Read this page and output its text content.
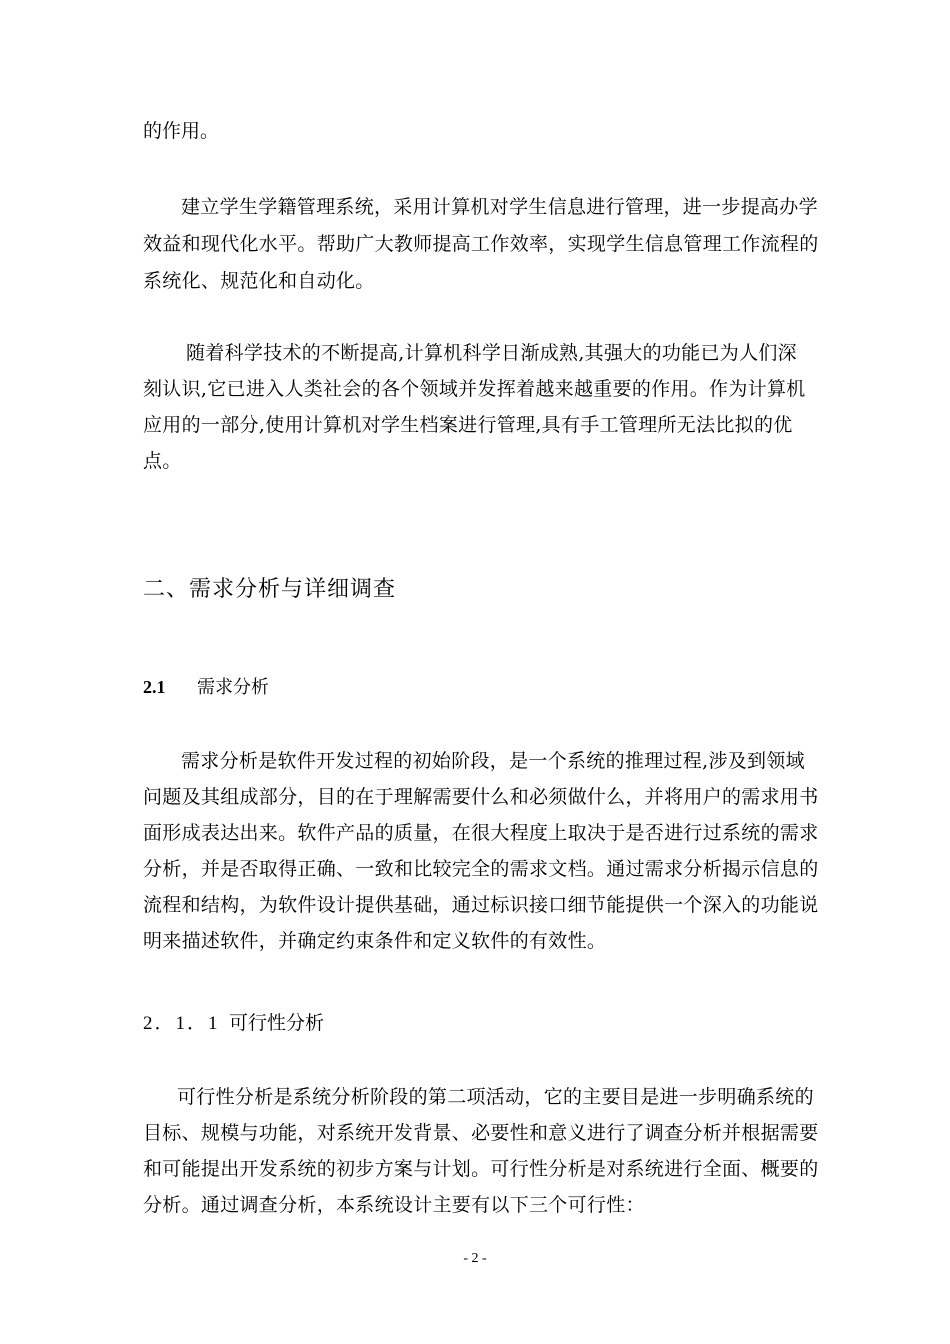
的作用。
建立学生学籍管理系统，采用计算机对学生信息进行管理，进一步提高办学
效益和现代化水平。帮助广大教师提高工作效率，实现学生信息管理工作流程的
系统化、规范化和自动化。
随着科学技术的不断提高,计算机科学日渐成熟,其强大的功能已为人们深
刻认识,它已进入人类社会的各个领域并发挥着越来越重要的作用。作为计算机
应用的一部分,使用计算机对学生档案进行管理,具有手工管理所无法比拟的优
点。
二、需求分析与详细调查
2.1 需求分析
需求分析是软件开发过程的初始阶段，是一个系统的推理过程,涉及到领域
问题及其组成部分，目的在于理解需要什么和必须做什么，并将用户的需求用书
面形成表达出来。软件产品的质量，在很大程度上取决于是否进行过系统的需求
分析，并是否取得正确、一致和比较完全的需求文档。通过需求分析揭示信息的
流程和结构，为软件设计提供基础，通过标识接口细节能提供一个深入的功能说
明来描述软件，并确定约束条件和定义软件的有效性。
2．1．1 可行性分析
可行性分析是系统分析阶段的第二项活动，它的主要目是进一步明确系统的
目标、规模与功能，对系统开发背景、必要性和意义进行了调查分析并根据需要
和可能提出开发系统的初步方案与计划。可行性分析是对系统进行全面、概要的
分析。通过调查分析，本系统设计主要有以下三个可行性：
- 2 -
